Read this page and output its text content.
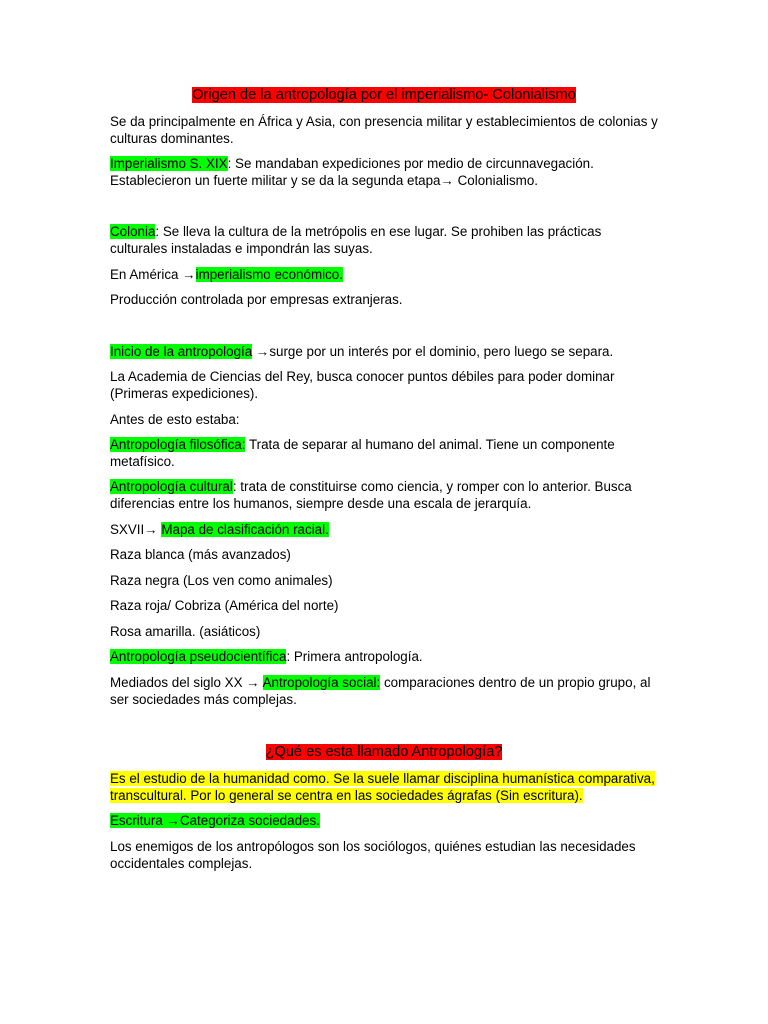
Origen de la antropología por el imperialismo- Colonialismo

Se da principalmente en África y Asia, con presencia militar y establecimientos de colonias y culturas dominantes.

Imperialismo S. XIX: Se mandaban expediciones por medio de circunnavegación. Establecieron un fuerte militar y se da la segunda etapa→ Colonialismo.

Colonia: Se lleva la cultura de la metrópolis en ese lugar. Se prohiben las prácticas culturales instaladas e impondrán las suyas.

En América →imperialismo económico.

Producción controlada por empresas extranjeras.

Inicio de la antropología →surge por un interés por el dominio, pero luego se separa.

La Academia de Ciencias del Rey, busca conocer puntos débiles para poder dominar (Primeras expediciones).

Antes de esto estaba:

Antropología filosófica: Trata de separar al humano del animal. Tiene un componente metafísico.

Antropología cultural: trata de constituirse como ciencia, y romper con lo anterior. Busca diferencias entre los humanos, siempre desde una escala de jerarquía.

SXVII→ Mapa de clasificación racial.

Raza blanca (más avanzados)

Raza negra (Los ven como animales)

Raza roja/ Cobriza (América del norte)

Rosa amarilla. (asiáticos)

Antropología pseudocientífica: Primera antropología.

Mediados del siglo XX → Antropología social: comparaciones dentro de un propio grupo, al ser sociedades más complejas.

¿Qué es esta llamado Antropología?

Es el estudio de la humanidad como. Se la suele llamar disciplina humanística comparativa, transcultural. Por lo general se centra en las sociedades ágrafas (Sin escritura).

Escritura →Categoriza sociedades.

Los enemigos de los antropólogos son los sociólogos, quiénes estudian las necesidades occidentales complejas.
